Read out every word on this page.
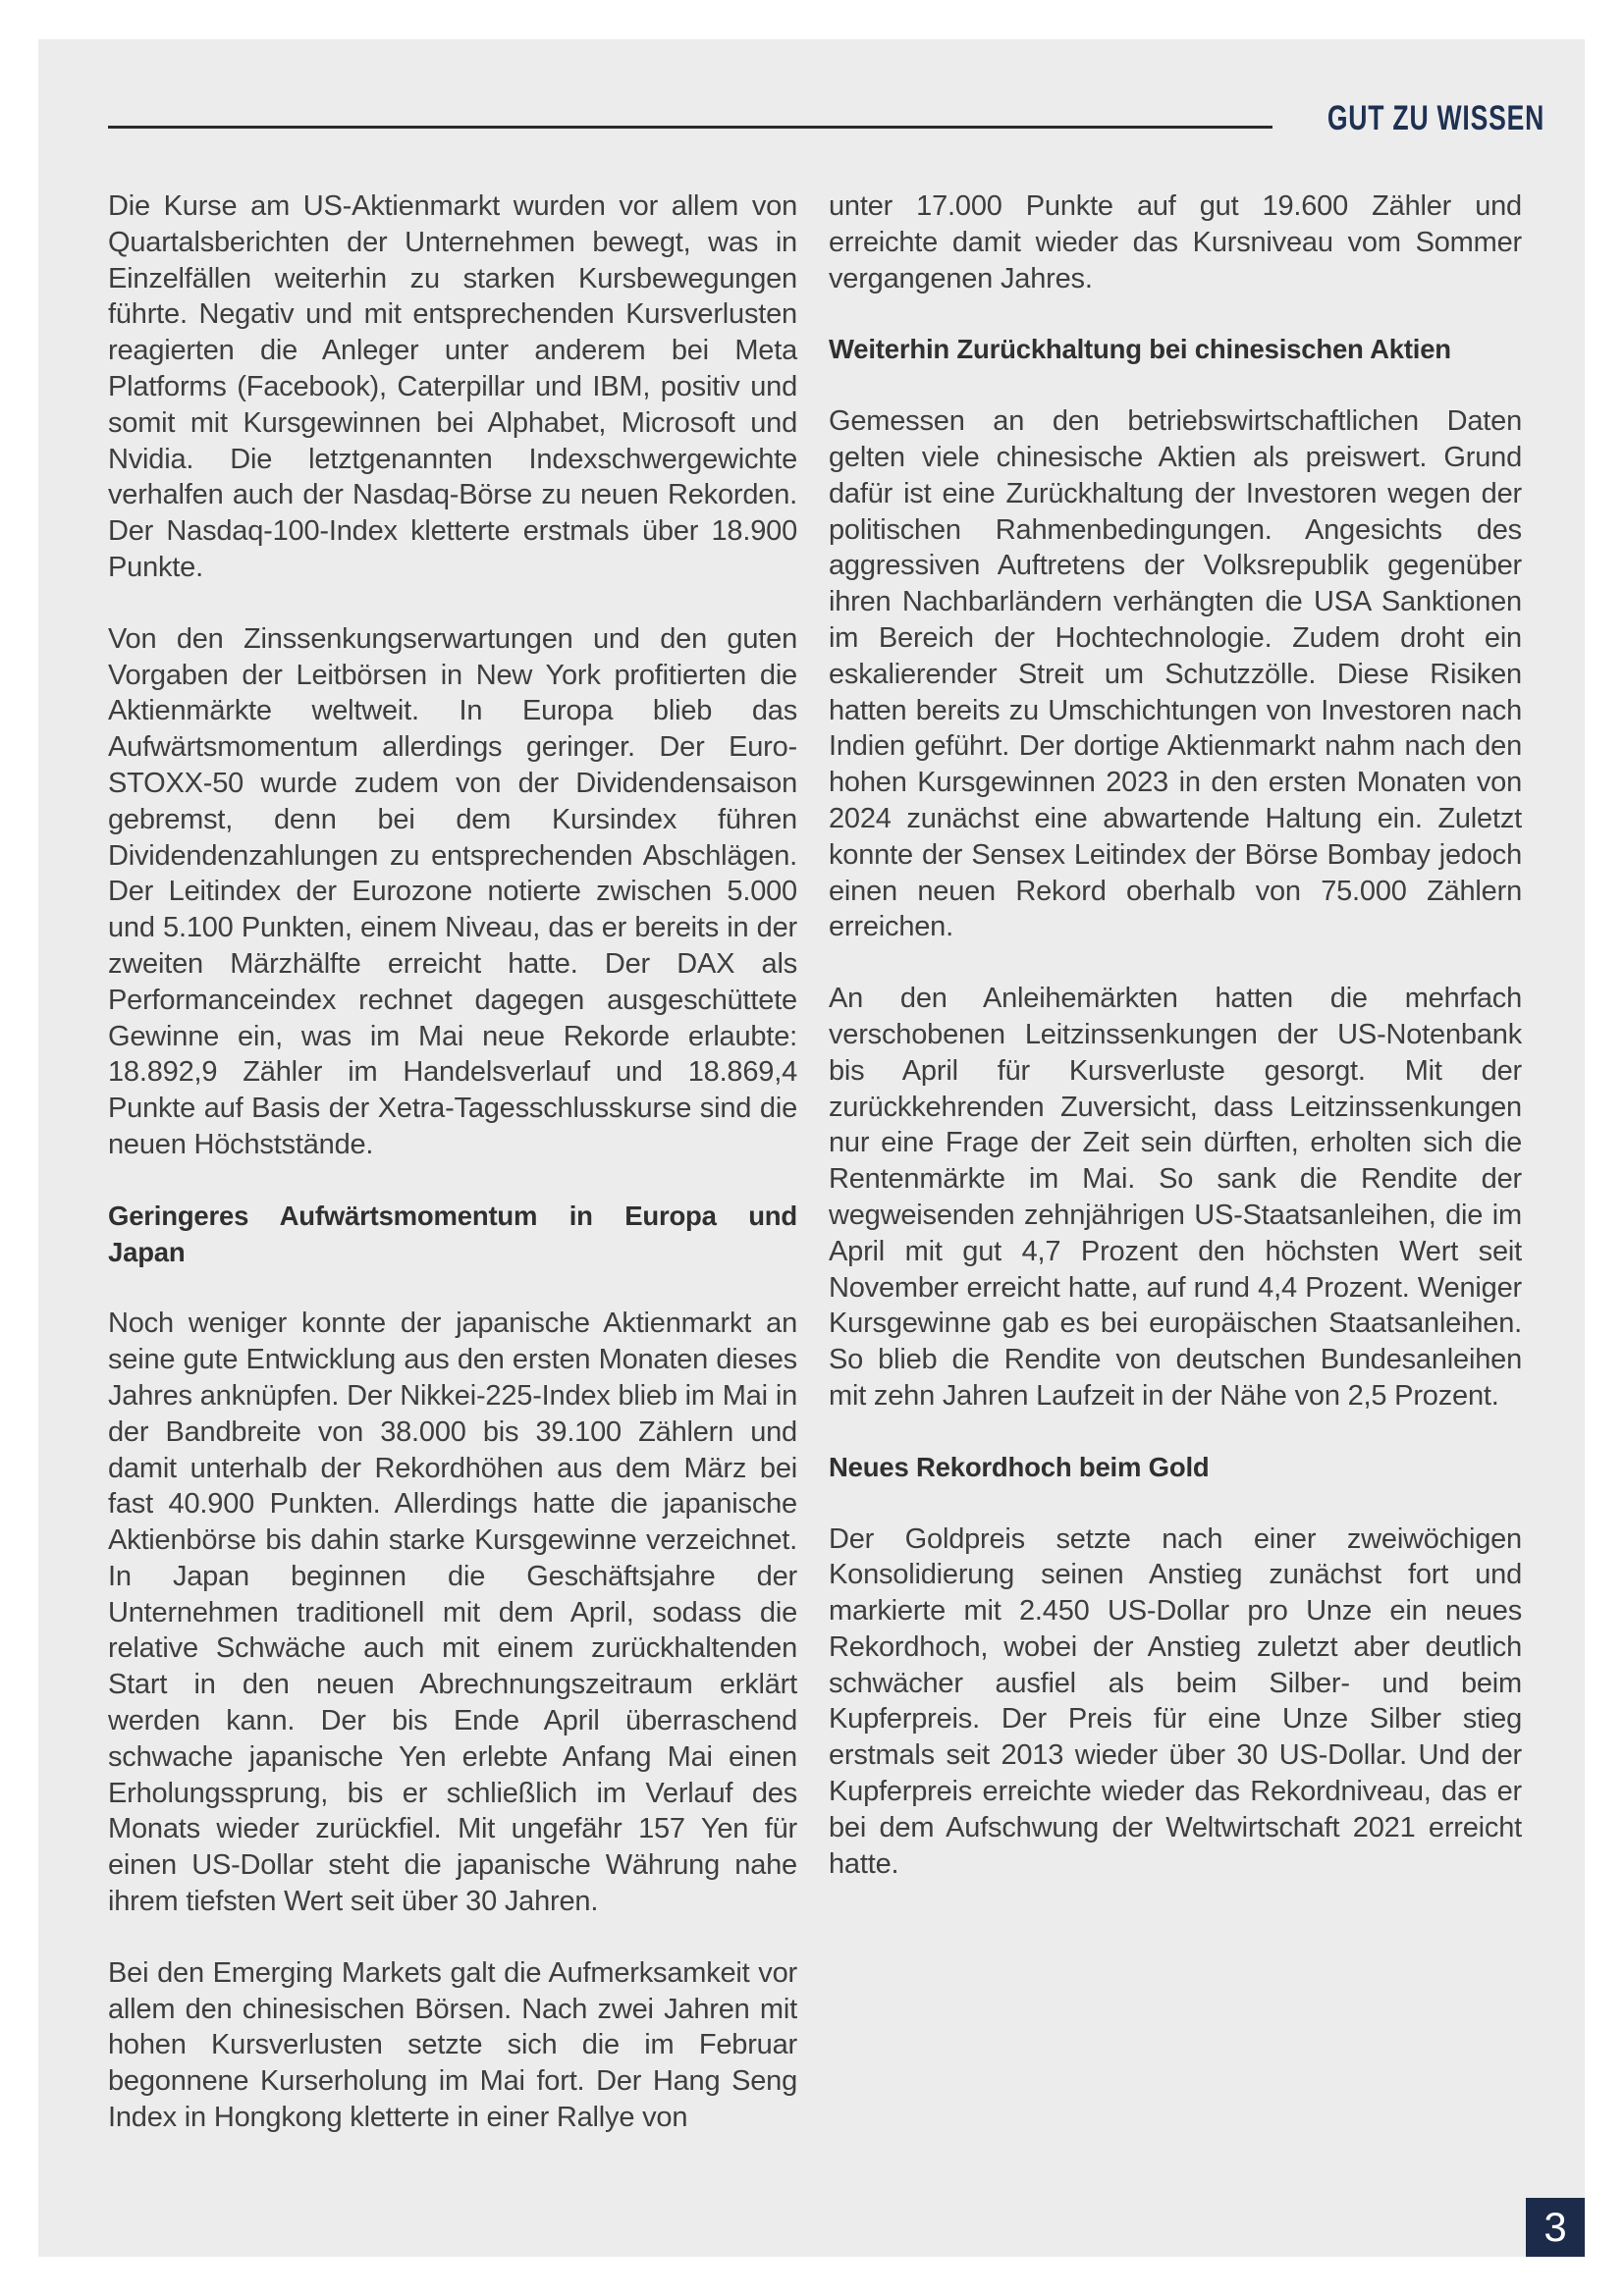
GUT ZU WISSEN

Die Kurse am US-Aktienmarkt wurden vor allem von Quartalsberichten der Unternehmen bewegt, was in Einzelfällen weiterhin zu starken Kursbewegungen führte. Negativ und mit entsprechenden Kursverlusten reagierten die Anleger unter anderem bei Meta Platforms (Facebook), Caterpillar und IBM, positiv und somit mit Kursgewinnen bei Alphabet, Microsoft und Nvidia. Die letztgenannten Indexschwergewichte verhalfen auch der Nasdaq-Börse zu neuen Rekorden. Der Nasdaq-100-Index kletterte erstmals über 18.900 Punkte.

Von den Zinssenkungserwartungen und den guten Vorgaben der Leitbörsen in New York profitierten die Aktienmärkte weltweit. In Europa blieb das Aufwärtsmomentum allerdings geringer. Der Euro-STOXX-50 wurde zudem von der Dividendensaison gebremst, denn bei dem Kursindex führen Dividendenzahlungen zu entsprechenden Abschlägen. Der Leitindex der Eurozone notierte zwischen 5.000 und 5.100 Punkten, einem Niveau, das er bereits in der zweiten Märzhälfte erreicht hatte. Der DAX als Performanceindex rechnet dagegen ausgeschüttete Gewinne ein, was im Mai neue Rekorde erlaubte: 18.892,9 Zähler im Handelsverlauf und 18.869,4 Punkte auf Basis der Xetra-Tagesschlusskurse sind die neuen Höchststände.

Geringeres Aufwärtsmomentum in Europa und
Japan

Noch weniger konnte der japanische Aktienmarkt an seine gute Entwicklung aus den ersten Monaten dieses Jahres anknüpfen. Der Nikkei-225-Index blieb im Mai in der Bandbreite von 38.000 bis 39.100 Zählern und damit unterhalb der Rekordhöhen aus dem März bei fast 40.900 Punkten. Allerdings hatte die japanische Aktienbörse bis dahin starke Kursgewinne verzeichnet. In Japan beginnen die Geschäftsjahre der Unternehmen traditionell mit dem April, sodass die relative Schwäche auch mit einem zurückhaltenden Start in den neuen Abrechnungszeitraum erklärt werden kann. Der bis Ende April überraschend schwache japanische Yen erlebte Anfang Mai einen Erholungssprung, bis er schließlich im Verlauf des Monats wieder zurückfiel. Mit ungefähr 157 Yen für einen US-Dollar steht die japanische Währung nahe ihrem tiefsten Wert seit über 30 Jahren.

Bei den Emerging Markets galt die Aufmerksamkeit vor allem den chinesischen Börsen. Nach zwei Jahren mit hohen Kursverlusten setzte sich die im Februar begonnene Kurserholung im Mai fort. Der Hang Seng Index in Hongkong kletterte in einer Rallye von

unter 17.000 Punkte auf gut 19.600 Zähler und erreichte damit wieder das Kursniveau vom Sommer vergangenen Jahres.

Weiterhin Zurückhaltung bei chinesischen Aktien

Gemessen an den betriebswirtschaftlichen Daten gelten viele chinesische Aktien als preiswert. Grund dafür ist eine Zurückhaltung der Investoren wegen der politischen Rahmenbedingungen. Angesichts des aggressiven Auftretens der Volksrepublik gegenüber ihren Nachbarländern verhängten die USA Sanktionen im Bereich der Hochtechnologie. Zudem droht ein eskalierender Streit um Schutzzölle. Diese Risiken hatten bereits zu Umschichtungen von Investoren nach Indien geführt. Der dortige Aktienmarkt nahm nach den hohen Kursgewinnen 2023 in den ersten Monaten von 2024 zunächst eine abwartende Haltung ein. Zuletzt konnte der Sensex Leitindex der Börse Bombay jedoch einen neuen Rekord oberhalb von 75.000 Zählern erreichen.

An den Anleihemärkten hatten die mehrfach verschobenen Leitzinssenkungen der US-Notenbank bis April für Kursverluste gesorgt. Mit der zurückkehrenden Zuversicht, dass Leitzinssenkungen nur eine Frage der Zeit sein dürften, erholten sich die Rentenmärkte im Mai. So sank die Rendite der wegweisenden zehnjährigen US-Staatsanleihen, die im April mit gut 4,7 Prozent den höchsten Wert seit November erreicht hatte, auf rund 4,4 Prozent. Weniger Kursgewinne gab es bei europäischen Staatsanleihen. So blieb die Rendite von deutschen Bundesanleihen mit zehn Jahren Laufzeit in der Nähe von 2,5 Prozent.

Neues Rekordhoch beim Gold

Der Goldpreis setzte nach einer zweiwöchigen Konsolidierung seinen Anstieg zunächst fort und markierte mit 2.450 US-Dollar pro Unze ein neues Rekordhoch, wobei der Anstieg zuletzt aber deutlich schwächer ausfiel als beim Silber- und beim Kupferpreis. Der Preis für eine Unze Silber stieg erstmals seit 2013 wieder über 30 US-Dollar. Und der Kupferpreis erreichte wieder das Rekordniveau, das er bei dem Aufschwung der Weltwirtschaft 2021 erreicht hatte.

3
